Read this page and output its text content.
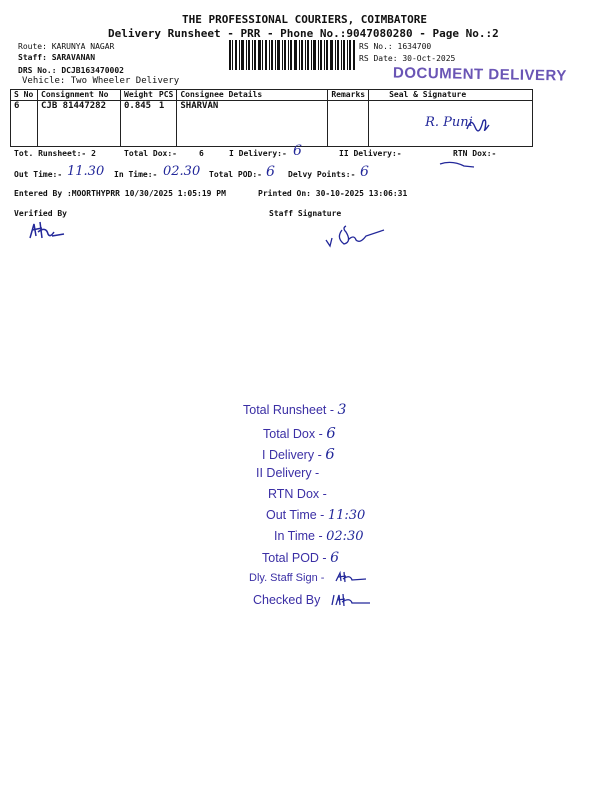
THE PROFESSIONAL COURIERS, COIMBATORE
Delivery Runsheet - PRR - Phone No.:9047080280 - Page No.:2
Route: KARUNYA NAGAR
Staff: SARAVANAN
DRS No.: DCJB163470002
Vehicle: Two Wheeler Delivery
RS No.: 1634700
RS Date: 30-Oct-2025
DOCUMENT DELIVERY
S No	Consignment No	Weight	PCS	Consignee Details	Remarks	Seal & Signature
6	CJB 81447282	0.845	1	SHARVAN		R. Puni
Tot. Runsheet:- 2	Total Dox:-	6	I Delivery:- 6	II Delivery:-	RTN Dox:-
Out Time:- 11.30 In Time:- 02.30 Total POD:- 6 Delvy Points:- 6
Entered By :MOORTHYPRR 10/30/2025 1:05:19 PM	Printed On: 30-10-2025 13:06:31
Verified By	Staff Signature
Total Runsheet - 3
Total Dox - 6
I Delivery - 6
II Delivery -
RTN Dox -
Out Time - 11:30
In Time - 02:30
Total POD - 6
Dly. Staff Sign -
Checked By
